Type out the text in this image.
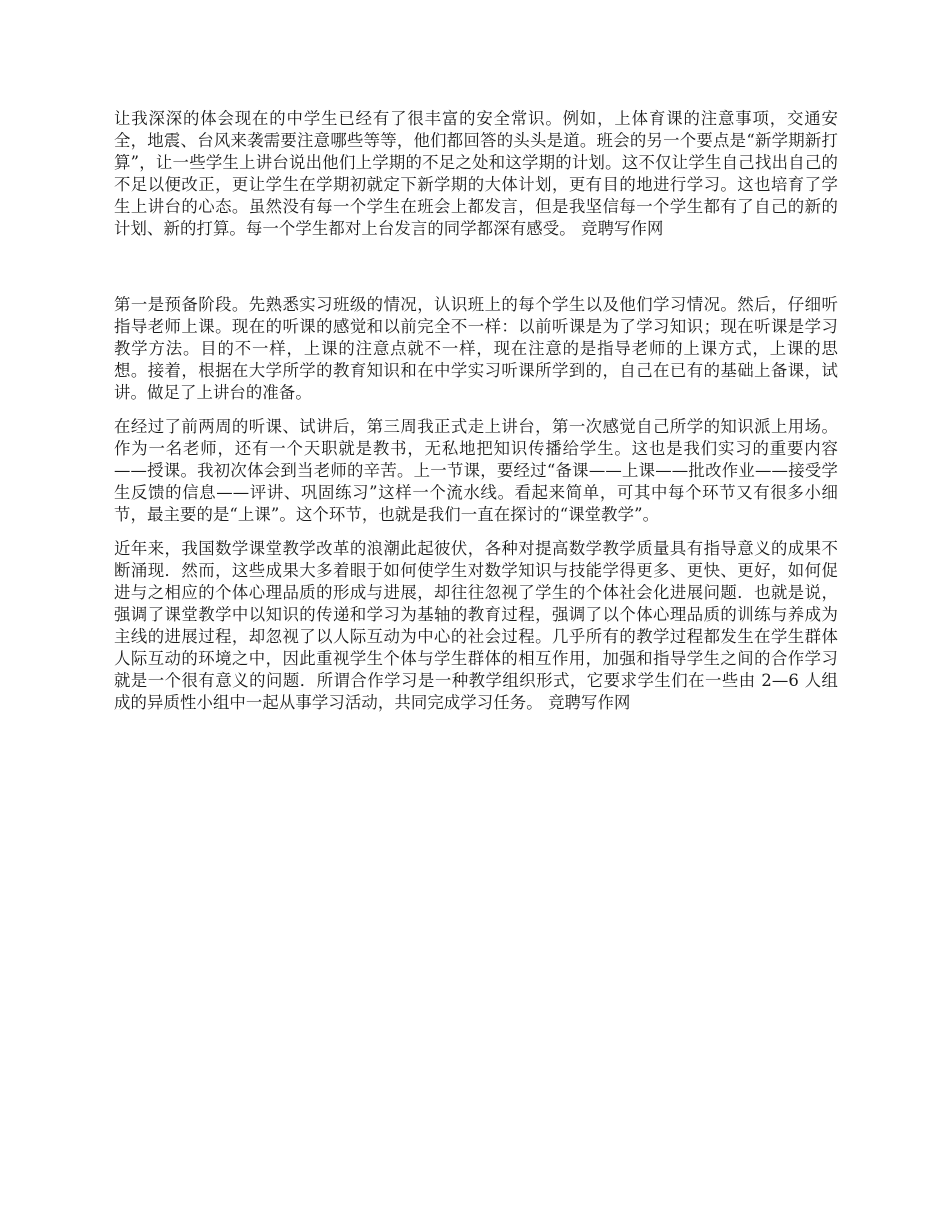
让我深深的体会现在的中学生已经有了很丰富的安全常识。例如，上体育课的注意事项，交通安全，地震、台风来袭需要注意哪些等等，他们都回答的头头是道。班会的另一个要点是“新学期新打算”，让一些学生上讲台说出他们上学期的不足之处和这学期的计划。这不仅让学生自己找出自己的不足以便改正，更让学生在学期初就定下新学期的大体计划，更有目的地进行学习。这也培育了学生上讲台的心态。虽然没有每一个学生在班会上都发言，但是我坚信每一个学生都有了自己的新的计划、新的打算。每一个学生都对上台发言的同学都深有感受。 竞聘写作网

第一是预备阶段。先熟悉实习班级的情况，认识班上的每个学生以及他们学习情况。然后，仔细听指导老师上课。现在的听课的感觉和以前完全不一样：以前听课是为了学习知识；现在听课是学习教学方法。目的不一样，上课的注意点就不一样，现在注意的是指导老师的上课方式，上课的思想。接着，根据在大学所学的教育知识和在中学实习听课所学到的，自己在已有的基础上备课，试讲。做足了上讲台的准备。

在经过了前两周的听课、试讲后，第三周我正式走上讲台，第一次感觉自己所学的知识派上用场。作为一名老师，还有一个天职就是教书，无私地把知识传播给学生。这也是我们实习的重要内容——授课。我初次体会到当老师的辛苦。上一节课，要经过“备课——上课——批改作业——接受学生反馈的信息——评讲、巩固练习”这样一个流水线。看起来简单，可其中每个环节又有很多小细节，最主要的是“上课”。这个环节，也就是我们一直在探讨的“课堂教学”。

近年来，我国数学课堂教学改革的浪潮此起彼伏，各种对提高数学教学质量具有指导意义的成果不断涌现．然而，这些成果大多着眼于如何使学生对数学知识与技能学得更多、更快、更好，如何促进与之相应的个体心理品质的形成与进展，却往往忽视了学生的个体社会化进展问题．也就是说，强调了课堂教学中以知识的传递和学习为基轴的教育过程，强调了以个体心理品质的训练与养成为主线的进展过程，却忽视了以人际互动为中心的社会过程。几乎所有的教学过程都发生在学生群体人际互动的环境之中，因此重视学生个体与学生群体的相互作用，加强和指导学生之间的合作学习就是一个很有意义的问题．所谓合作学习是一种教学组织形式，它要求学生们在一些由 2—6 人组成的异质性小组中一起从事学习活动，共同完成学习任务。 竞聘写作网
